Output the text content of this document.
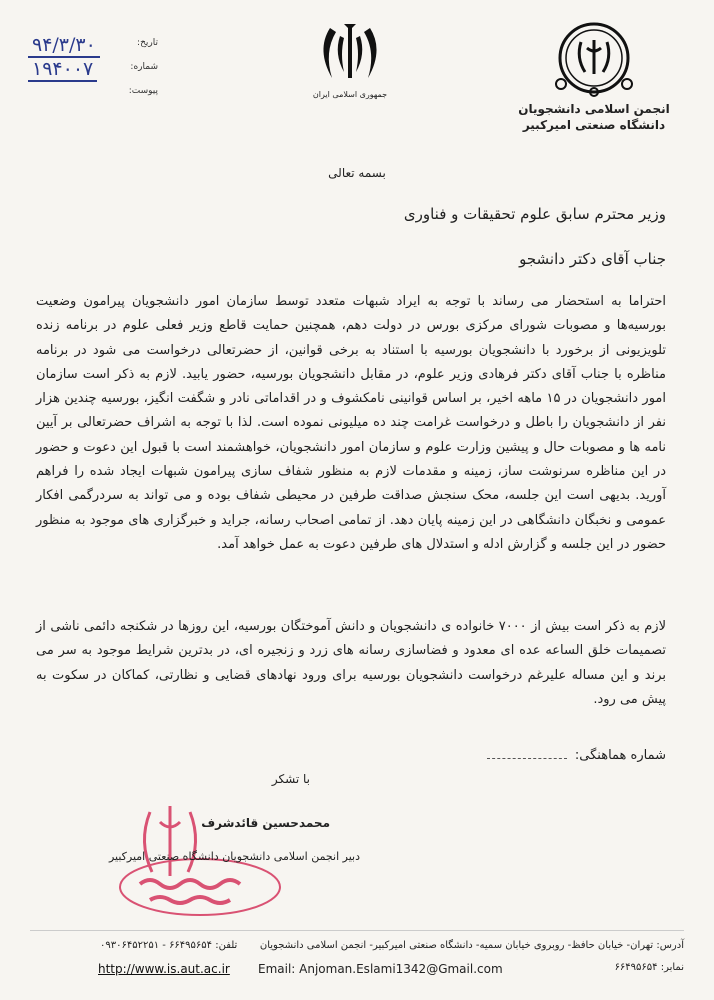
انجمن اسلامی دانشجویان
دانشگاه صنعتی امیرکبیر
جمهوری اسلامی ایران
۹۴/۳/۳۰	تاریخ:
۱۹۴۰۰۷	شماره:
پیوست:
بسمه تعالی
وزیر محترم سابق علوم تحقیقات و فناوری
جناب آقای دکتر دانشجو
احتراما به استحضار می رساند با توجه به ایراد شبهات متعدد توسط سازمان امور دانشجویان پیرامون وضعیت بورسیه‌ها و مصوبات شورای مرکزی بورس در دولت دهم، همچنین حمایت قاطع وزیر فعلی علوم در برنامه زنده تلویزیونی از برخورد با دانشجویان بورسیه با استناد به برخی قوانین، از حضرتعالی درخواست می شود در برنامه مناظره با جناب آقای دکتر فرهادی وزیر علوم، در مقابل دانشجویان بورسیه، حضور یابید. لازم به ذکر است سازمان امور دانشجویان در ۱۵ ماهه اخیر، بر اساس قوانینی نامکشوف و در اقداماتی نادر و شگفت انگیز، بورسیه چندین هزار نفر از دانشجویان را باطل و درخواست غرامت چند ده میلیونی نموده است. لذا با توجه به اشراف حضرتعالی بر آیین نامه ها و مصوبات حال و پیشین وزارت علوم و سازمان امور دانشجویان، خواهشمند است با قبول این دعوت و حضور در این مناظره سرنوشت ساز، زمینه و مقدمات لازم به منظور شفاف سازی پیرامون شبهات ایجاد شده را فراهم آورید. بدیهی است این جلسه، محک سنجش صداقت طرفین در محیطی شفاف بوده و می تواند به سردرگمی افکار عمومی و نخبگان دانشگاهی در این زمینه پایان دهد. از تمامی اصحاب رسانه، جراید و خبرگزاری های موجود به منظور حضور در این جلسه و گزارش ادله و استدلال های طرفین دعوت به عمل خواهد آمد.
لازم به ذکر است بیش از ۷۰۰۰ خانواده ی دانشجویان و دانش آموختگان بورسیه، این روزها در شکنجه دائمی ناشی از تصمیمات خلق الساعه عده ای معدود و فضاسازی رسانه های زرد و زنجیره ای، در بدترین شرایط موجود به سر می برند و این مساله علیرغم درخواست دانشجویان بورسیه برای ورود نهادهای قضایی و نظارتی، کماکان در سکوت به پیش می رود.
شماره هماهنگی:
با تشکر
محمدحسین قائدشرف
دبیر انجمن اسلامی دانشجویان دانشگاه صنعتی امیرکبیر
آدرس: تهران- خیابان حافظ- روبروی خیابان سمیه- دانشگاه صنعتی امیرکبیر- انجمن اسلامی دانشجویان
تلفن: ۶۶۴۹۵۶۵۴ - ۰۹۳۰۶۴۵۲۲۵۱
نمابر: ۶۶۴۹۵۶۵۴
Email: Anjoman.Eslami1342@Gmail.com
http://www.is.aut.ac.ir
